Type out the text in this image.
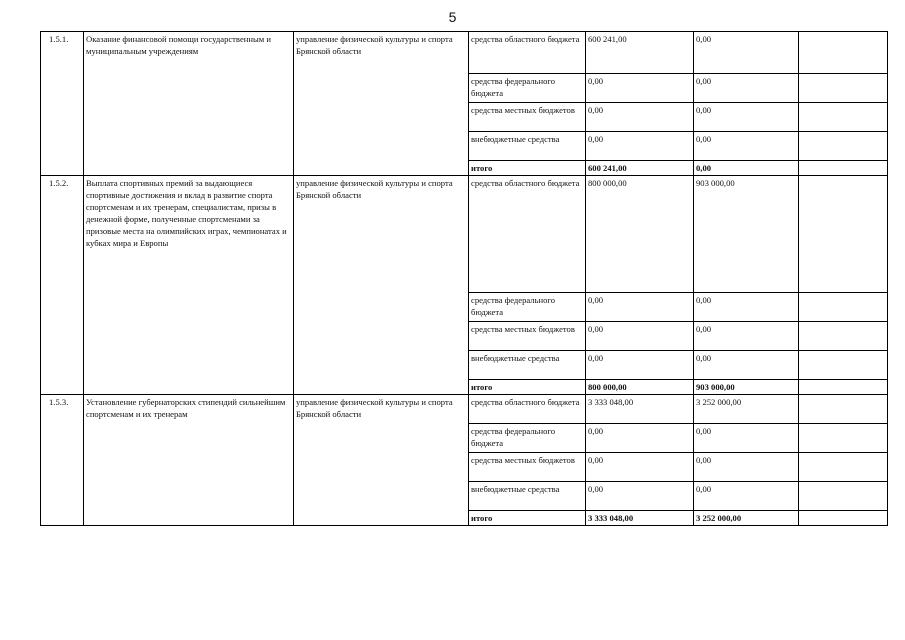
5
1.5.1.	Оказание финансовой помощи государственным и муниципальным учреждениям	управление физической культуры и спорта Брянской области	средства областного бюджета	600 241,00	0,00	
			средства федерального бюджета	0,00	0,00	
			средства местных бюджетов	0,00	0,00	
			внебюджетные средства	0,00	0,00	
			итого	600 241,00	0,00	
1.5.2.	Выплата спортивных премий за выдающиеся спортивные достижения и вклад в развитие спорта спортсменам и их тренерам, специалистам, призы в денежной форме, полученные спортсменами за призовые места на олимпийских играх, чемпионатах и кубках мира и Европы	управление физической культуры и спорта Брянской области	средства областного бюджета	800 000,00	903 000,00	
			средства федерального бюджета	0,00	0,00	
			средства местных бюджетов	0,00	0,00	
			внебюджетные средства	0,00	0,00	
			итого	800 000,00	903 000,00	
1.5.3.	Установление губернаторских стипендий сильнейшим спортсменам и их тренерам	управление физической культуры и спорта Брянской области	средства областного бюджета	3 333 048,00	3 252 000,00	
			средства федерального бюджета	0,00	0,00	
			средства местных бюджетов	0,00	0,00	
			внебюджетные средства	0,00	0,00	
			итого	3 333 048,00	3 252 000,00	
